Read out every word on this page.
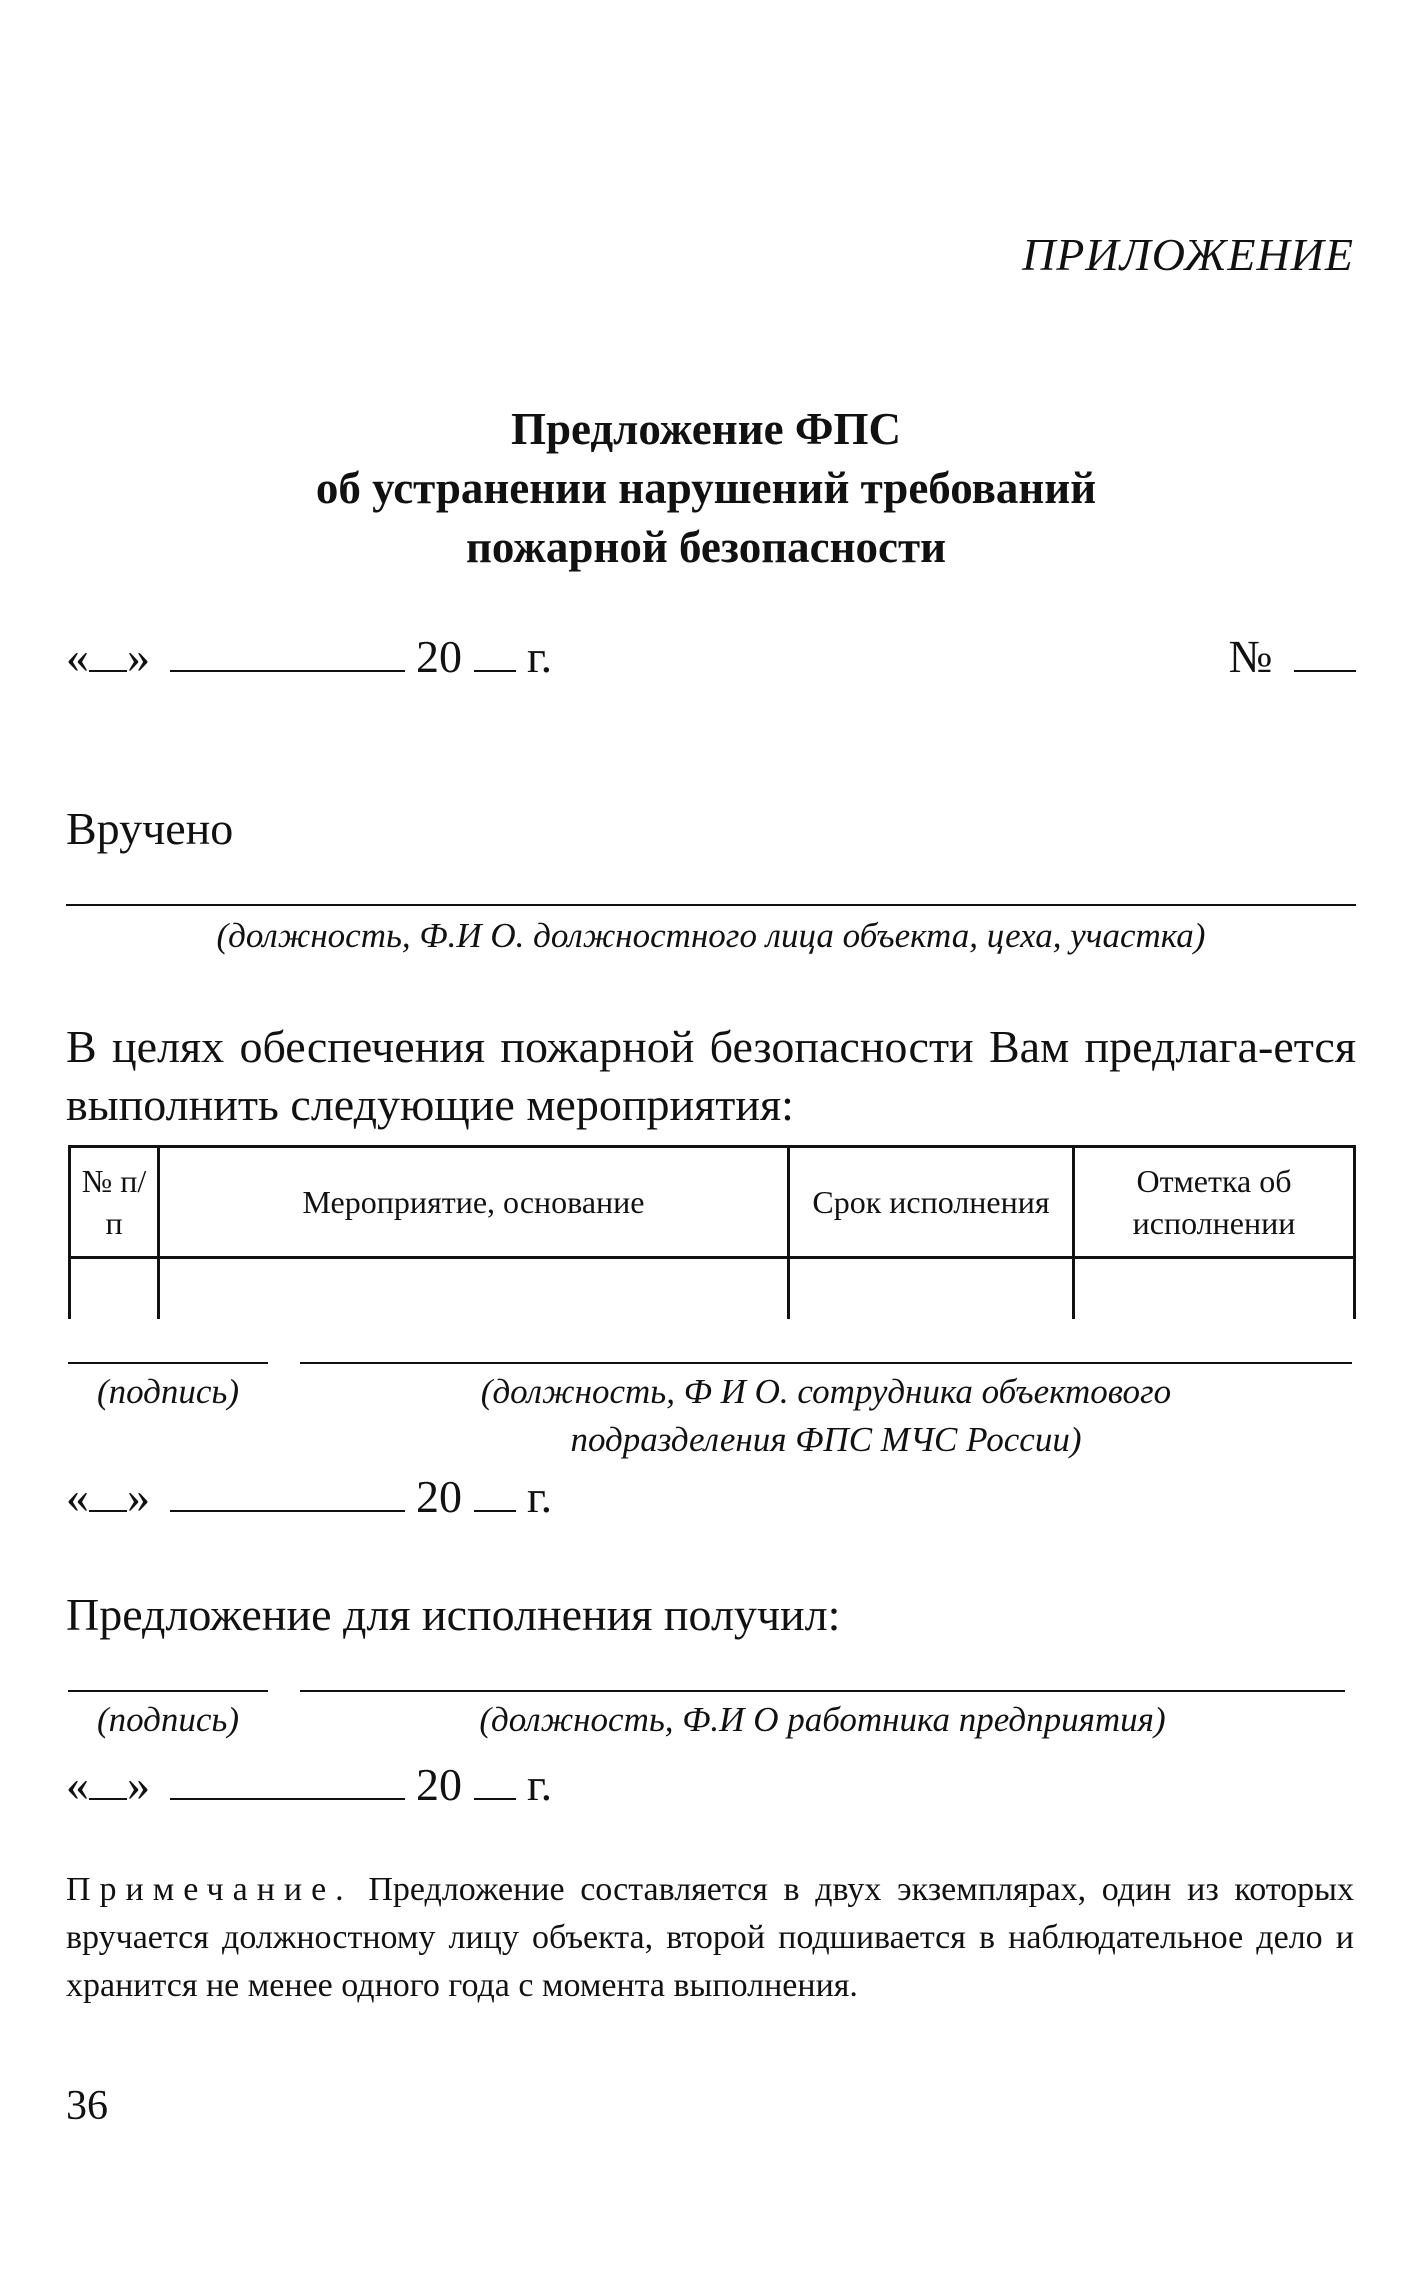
ПРИЛОЖЕНИЕ
Предложение ФПС
об устранении нарушений требований
пожарной безопасности
« »	20 г.	№
Вручено
(должность, Ф.И О. должностного лица объекта, цеха, участка)
В целях обеспечения пожарной безопасности Вам предлага-ется выполнить следующие мероприятия:
№ п/п	Мероприятие, основание	Срок исполнения	Отметка об исполнении

(подпись)	(должность, Ф И О. сотрудника объектового
подразделения ФПС МЧС России)
« »	20 г.
Предложение для исполнения получил:
(подпись)	(должность, Ф.И О работника предприятия)
« »	20 г.
Примечание. Предложение составляется в двух экземплярах, один из которых вручается должностному лицу объекта, второй подшивается в наблюдательное дело и хранится не менее одного года с момента выполнения.
36
